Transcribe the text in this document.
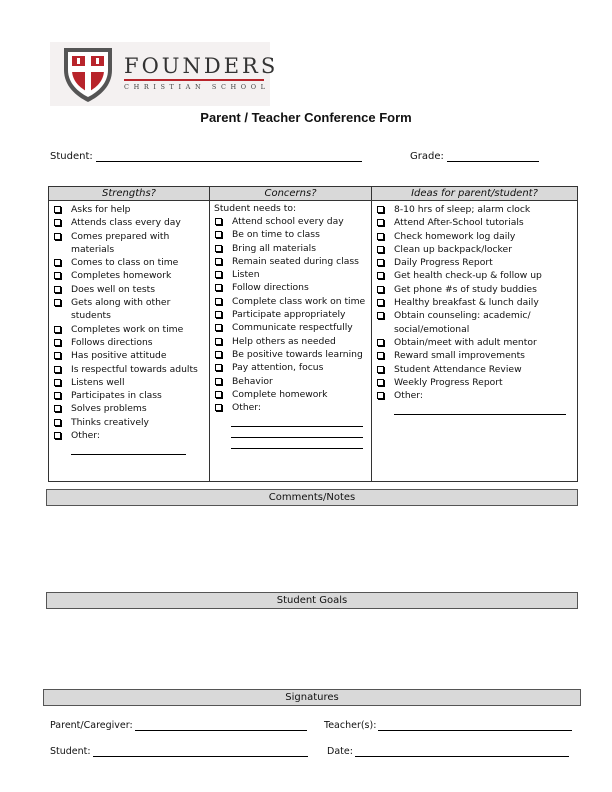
FOUNDERS
CHRISTIAN SCHOOL
Parent / Teacher Conference Form
Student:	Grade:
Strengths?
Asks for help
Attends class every day
Comes prepared with materials
Comes to class on time
Completes homework
Does well on tests
Gets along with other students
Completes work on time
Follows directions
Has positive attitude
Is respectful towards adults
Listens well
Participates in class
Solves problems
Thinks creatively
Other:
Concerns?
Student needs to:
Attend school every day
Be on time to class
Bring all materials
Remain seated during class
Listen
Follow directions
Complete class work on time
Participate appropriately
Communicate respectfully
Help others as needed
Be positive towards learning
Pay attention, focus
Behavior
Complete homework
Other:
Ideas for parent/student?
8-10 hrs of sleep; alarm clock
Attend After-School tutorials
Check homework log daily
Clean up backpack/locker
Daily Progress Report
Get health check-up & follow up
Get phone #s of study buddies
Healthy breakfast & lunch daily
Obtain counseling: academic/ social/emotional
Obtain/meet with adult mentor
Reward small improvements
Student Attendance Review
Weekly Progress Report
Other:
Comments/Notes
Student Goals
Signatures
Parent/Caregiver:	Teacher(s):
Student:	Date:
